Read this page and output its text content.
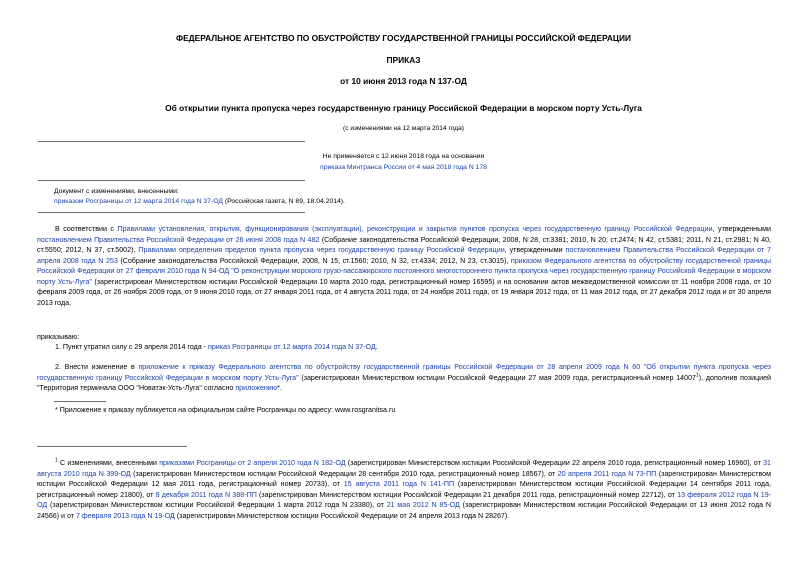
ФЕДЕРАЛЬНОЕ АГЕНТСТВО ПО ОБУСТРОЙСТВУ ГОСУДАРСТВЕННОЙ ГРАНИЦЫ РОССИЙСКОЙ ФЕДЕРАЦИИ
ПРИКАЗ
от 10 июня 2013 года N 137-ОД
Об открытии пункта пропуска через государственную границу Российской Федерации в морском порту Усть-Луга
(с изменениями на 12 марта 2014 года)
Не применяется с 12 июня 2018 года на основании
приказа Минтранса России от 4 мая 2018 года N 178
Документ с изменениями, внесенными:
приказом Росграницы от 12 марта 2014 года N 37-ОД (Российская газета, N 89, 18.04.2014).
В соответствии с Правилами установления, открытия, функционирования (эксплуатации), реконструкции и закрытия пунктов пропуска через государственную границу Российской Федерации, утвержденными постановлением Правительства Российской Федерации от 26 июня 2008 года N 482 (Собрание законодательства Российской Федерации, 2008, N 28, ст.3381; 2010, N 20, ст.2474; N 42, ст.5381; 2011, N 21, ст.2981; N 40, ст.5550; 2012, N 37, ст.5002), Правилами определения пределов пункта пропуска через государственную границу Российской Федерации, утвержденными постановлением Правительства Российской Федерации от 7 апреля 2008 года N 253 (Собрание законодательства Российской Федерации, 2008, N 15, ст.1560; 2010, N 32, ст.4334; 2012, N 23, ст.3015), приказом Федерального агентства по обустройству государственной границы Российской Федерации от 27 февраля 2010 года N 94-ОД "О реконструкции морского грузо-пассажирского постоянного многостороннего пункта пропуска через государственную границу Российской Федерации в морском порту Усть-Луга" (зарегистрирован Министерством юстиции Российской Федерации 10 марта 2010 года, регистрационный номер 16595) и на основании актов межведомственной комиссии от 11 ноября 2008 года, от 10 февраля 2009 года, от 26 ноября 2009 года, от 9 июня 2010 года, от 27 января 2011 года, от 4 августа 2011 года, от 24 ноября 2011 года, от 19 января 2012 года, от 11 мая 2012 года, от 27 декабря 2012 года и от 30 апреля 2013 года,
приказываю:
1. Пункт утратил силу с 29 апреля 2014 года - приказ Росграницы от 12 марта 2014 года N 37-ОД.
2. Внести изменение в приложение к приказу Федерального агентства по обустройству государственной границы Российской Федерации от 28 апреля 2009 года N 60 "Об открытии пункта пропуска через государственную границу Российской Федерации в морском порту Усть-Луга" (зарегистрирован Министерством юстиции Российской Федерации 27 мая 2009 года, регистрационный номер 14007$^1$), дополнив позицией "Территория терминала ООО "Новатэк-Усть-Луга" согласно приложению*.
* Приложение к приказу публикуется на официальном сайте Росграницы по адресу: www.rosgranitsa.ru
$^1$ С изменениями, внесенными приказами Росграницы от 2 апреля 2010 года N 182-ОД (зарегистрирован Министерством юстиции Российской Федерации 22 апреля 2010 года, регистрационный номер 16960), от 31 августа 2010 года N 399-ОД (зарегистрирован Министерством юстиции Российской Федерации 28 сентября 2010 года, регистрационный номер 18567), от 20 апреля 2011 года N 73-ПП (зарегистрирован Министерством юстиции Российской Федерации 12 мая 2011 года, регистрационный номер 20733), от 15 августа 2011 года N 141-ПП (зарегистрирован Министерством юстиции Российской Федерации 14 сентября 2011 года, регистрационный номер 21800), от 8 декабря 2011 года N 388-ПП (зарегистрирован Министерством юстиции Российской Федерации 21 декабря 2011 года, регистрационный номер 22712), от 13 февраля 2012 года N 19-ОД (зарегистрирован Министерством юстиции Российской Федерации 1 марта 2012 года N 23380), от 21 мая 2012 N 85-ОД (зарегистрирован Министерством юстиции Российской Федерации от 13 июня 2012 года N 24566) и от 7 февраля 2013 года N 19-ОД (зарегистрирован Министерством юстиции Российской Федерации от 24 апреля 2013 года N 28267).
